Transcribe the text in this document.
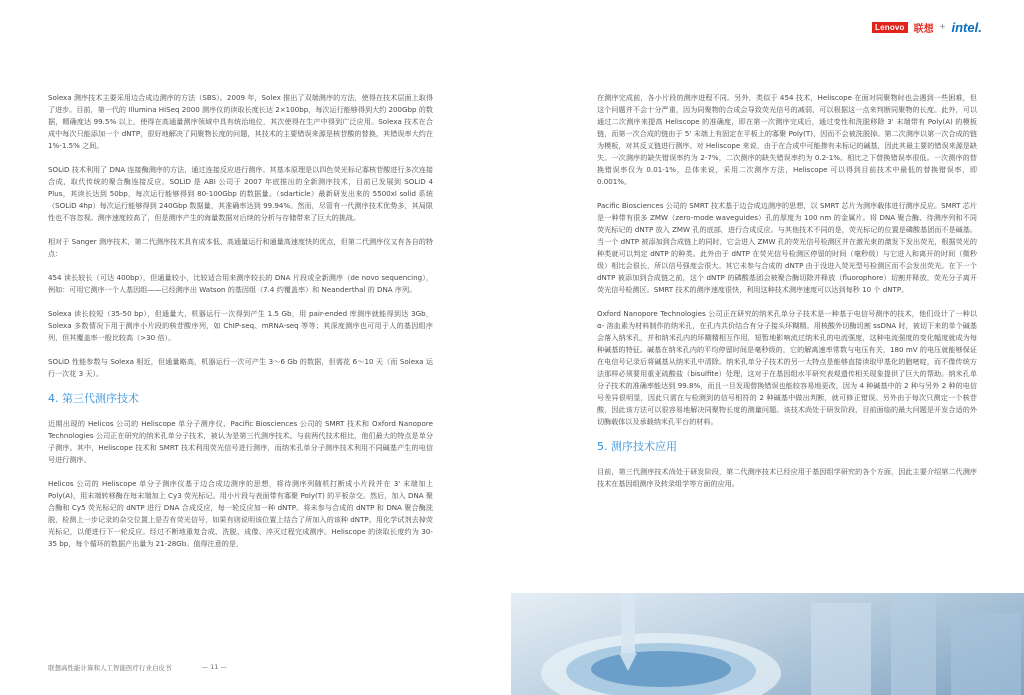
Lenovo 联想 + intel.

Solexa 测序技术主要采用边合成边测序的方法（SBS）。2009 年，Solex 推出了双端测序的方法，使得在技术层面上取得了进步。目前，第一代的 Illumina HiSeq 2000 测序仪的读取长度长达 2×100bp，每次运行能够得到大约 200Gbp 的数据，精确度达 99.5% 以上，使得在高通量测序领域中具有统治地位，其次使得在生产中得到广泛应用。Solexa 技术在合成中每次只能添加一个 dNTP，很好地解决了同聚物长度的问题，其技术的主要错误来源是核苷酸的替换，其错误率大约在 1%-1.5% 之间。

SOLiD 技术利用了 DNA 连接酶测序的方法，通过连接反应进行测序。其基本原理是以四色荧光标记寡核苷酸进行多次连接合成，取代传统的聚合酶连接反应。SOLiD 是 ABI 公司于 2007 年底推出的全新测序技术，目前已发展到 SOLiD 4 Plus，其读长达到 50bp，每次运行能够得到 80-100Gbp 的数据量。（sdarticle）最新研发出来的 5500xl solid 系统（SOLiD 4hp）每次运行能够得到 240Gbp 数据量，其准确率达到 99.94%。然而，尽管有一代测序技术优势多，其局限性也不容忽视。测序速度较高了，但是测序产生的海量数据对后续的分析与存储带来了巨大的挑战。

相对于 Sanger 测序技术，第二代测序技术具有成本低、高通量运行和通量高速度快的优点，但第二代测序仪又有各自的特点：

454 读长较长（可达 400bp），但通量较小，比较适合用来测序较长的 DNA 片段或全新测序（de novo sequencing），例如：可用它测序一个人基因组——已经测序出 Watson 的基因组（7.4 约覆盖率）和 Neanderthal 的 DNA 序列。

Solexa 读长较短（35-50 bp），但通量大，机器运行一次得到产生 1.5 Gb，用 pair-ended 库测序就能得到达 3Gb，Solexa 多数情况下用于测序小片段的核苷酸序列，如 ChIP-seq、mRNA-seq 等等；其深度测序也可用于人的基因组序列，但其覆盖率一般比较高（>30 倍）。

SOLiD 性能参数与 Solexa 相近，但通量略高，机器运行一次可产生 3～6 Gb 的数据，但需花 6～10 天（而 Solexa 运行一次花 3 天）。

4. 第三代测序技术

近期出现的 Helicos 公司的 Heliscope 单分子测序仪、Pacific Biosciences 公司的 SMRT 技术和 Oxford Nanopore Technologies 公司正在研究的纳米孔单分子技术，被认为是第三代测序技术。与前两代技术相比，他们最大的特点是单分子测序。其中，Heliscope 技术和 SMRT 技术利用荧光信号进行测序，而纳米孔单分子测序技术利用不同碱基产生的电信号进行测序。

Helicos 公司的 Heliscope 单分子测序仪基于边合成边测序的思想，将待测序列随机打断成小片段并在 3' 末端加上 Poly(A)，用末端转移酶在每末端加上 Cy3 荧光标记。用小片段与表面带有寡聚 Poly(T) 的平板杂交。然后，加入 DNA 聚合酶和 Cy5 荧光标记的 dNTP 进行 DNA 合成反应，每一轮反应加一种 dNTP。将未参与合成的 dNTP 和 DNA 聚合酶洗脱，检测上一步记录的杂交位置上是否有荧光信号，如果有则说明该位置上结合了所加入的该种 dNTP。用化学试剂去掉荧光标记，以便进行下一轮反应。经过不断地重复合成、洗脱、成像、淬灭过程完成测序。Heliscope 的读取长度约为 30-35 bp，每个循环的数据产出量为 21-28Gb。值得注意的是，

在测序完成前，各小片段的测序进程不同。另外，类似于 454 技术，Heliscope 在面对同聚物时也会遇到一些困难，但这个问题并不会十分严重，因为同聚物的合成会导致荧光信号的减弱，可以根据这一点来判断同聚物的长度。此外，可以通过二次测序来提高 Heliscope 的准确度，即在第一次测序完成后，通过变性和洗脱移除 3' 末端带有 Poly(A) 的模板链，而第一次合成的链由于 5' 末端上有固定在平板上的寡聚 Poly(T)，因而不会被洗脱掉。第二次测序以第一次合成的链为模板，对其反义链进行测序。对 Heliscope 来说，由于在合成中可能掺有未标记的碱基，因此其最主要的错误来源是缺失。一次测序的缺失错误率约为 2-7%，二次测序的缺失错误率约为 0.2-1%。相比之下替换错误率很低。一次测序的替换错误率仅为 0.01-1%，总体来说，采用二次测序方法，Heliscope 可以得到目前技术中最低的替换错误率，即 0.001%。

Pacific Biosciences 公司的 SMRT 技术基于边合成边测序的思想，以 SMRT 芯片为测序载体进行测序反应。SMRT 芯片是一种带有很多 ZMW（zero-mode waveguides）孔的厚度为 100 nm 的金属片。将 DNA 聚合酶、待测序列和不同荧光标记的 dNTP 放入 ZMW 孔的底部，进行合成反应。与其他技术不同的是，荧光标记的位置是磷酸基团而不是碱基。当一个 dNTP 被添加到合成链上的同时，它会进入 ZMW 孔的荧光信号检测区并在激光束的激发下发出荧光，根据荧光的种类就可以判定 dNTP 的种类。此外由于 dNTP 在荧光信号检测区停留的时间（毫秒级）与它进入和离开的时间（微秒级）相比会很长，所以信号强度会很大。其它未参与合成的 dNTP 由于没进入荧光型号检测区而不会发出荧光。在下一个 dNTP 被添加到合成链之前，这个 dNTP 的磷酸基团会被聚合酶切除并释放（fluorophore）切割并释放，荧光分子离开荧光信号检测区。SMRT 技术的测序速度很快，利用这种技术测序速度可以达到每秒 10 个 dNTP。

Oxford Nanopore Technologies 公司正在研究的纳米孔单分子技术是一种基于电信号测序的技术，他们设计了一种以 α- 溶血素为材料制作的纳米孔，在孔内共价结合有分子接头环糊精。用核酸外切酶切割 ssDNA 时，被切下来的单个碱基会落入纳米孔，并和纳米孔内的环糊精相互作用，短暂地影响流过纳米孔的电流强度，这种电流强度的变化幅度就成为每种碱基的特征。碱基在纳米孔内的平均停留时间是毫秒级的，它的解离速率常数与电压有关，180 mV 的电压就能够保证在电信号记录后将碱基从纳米孔中清除。纳米孔单分子技术的另一大特点是能够直接读取甲基化的胞嘧啶，而不像传统方法那样必须要用重亚硫酸盐（bisulfite）处理，这对于在基因组水平研究表观遗传相关现象提供了巨大的帮助。纳米孔单分子技术的准确率能达到 99.8%，而且一旦发现替换错误也能较容易地更改，因为 4 种碱基中的 2 种与另外 2 种的电信号差异很明显，因此只需在与检测到的信号相符的 2 种碱基中做出判断，就可修正错误。另外由于每次只测定一个核苷酸，因此该方法可以很容易地解决同聚物长度的测量问题。该技术尚处于研发阶段，目前面临的最大问题是开发合适的外切酶载体以及承载纳米孔平台的材料。

5. 测序技术应用

目前，第三代测序技术尚处于研发阶段，第二代测序技术已经应用于基因组学研究的各个方面，因此主要介绍第二代测序技术在基因组测序及转录组学等方面的应用。

联想高性能计算和人工智能医疗行业白皮书	— 11 —
